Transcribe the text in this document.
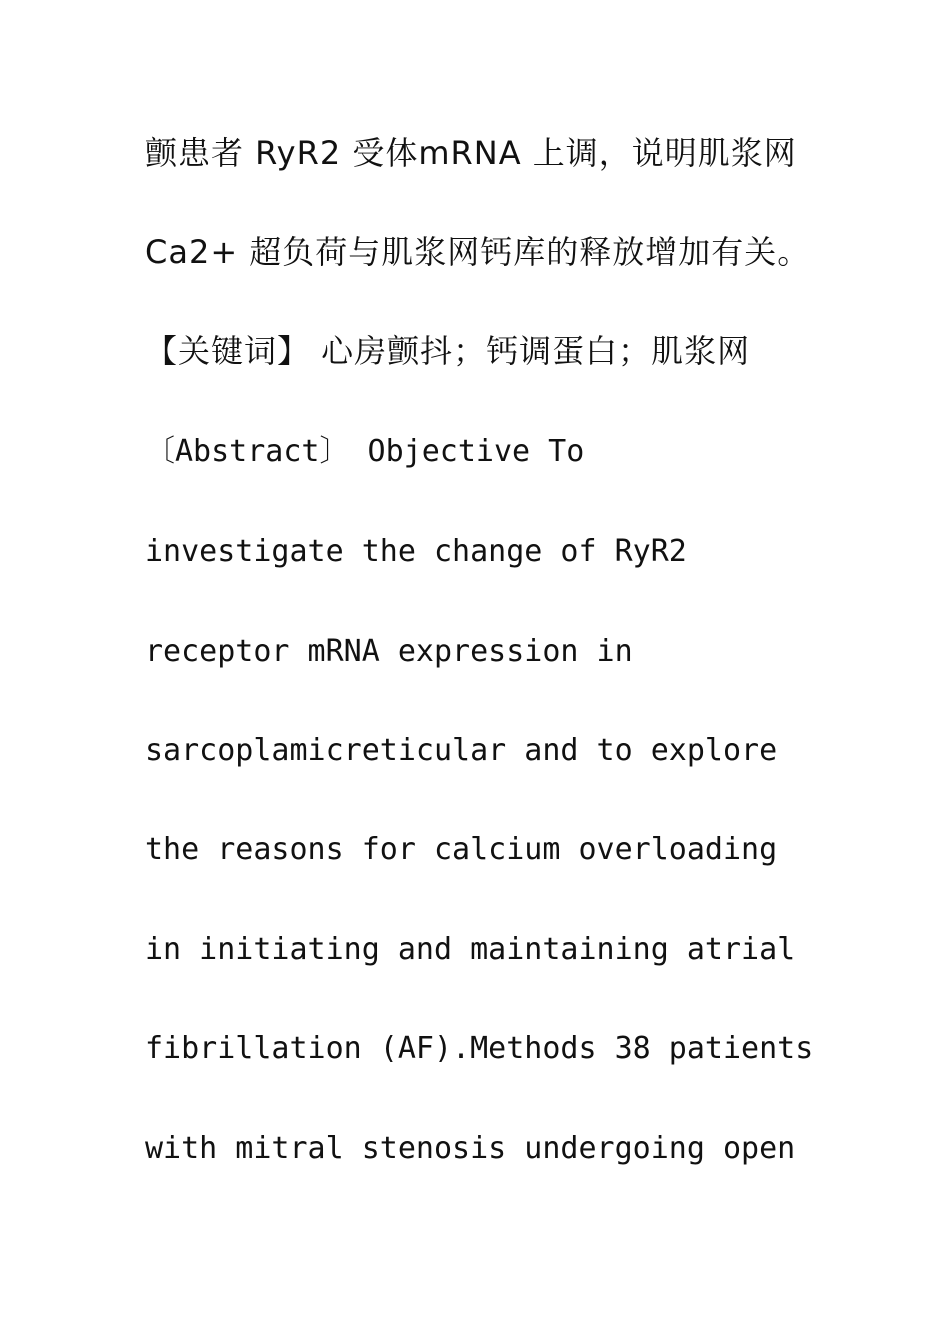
颤患者 RyR2 受体mRNA 上调，说明肌浆网
Ca2+ 超负荷与肌浆网钙库的释放增加有关。
【关键词】 心房颤抖；钙调蛋白；肌浆网
〔Abstract〕 Objective To
investigate the change of RyR2
receptor mRNA expression in
sarcoplamicreticular and to explore
the reasons for calcium overloading
in initiating and maintaining atrial
fibrillation (AF).Methods 38 patients
with mitral stenosis undergoing open
